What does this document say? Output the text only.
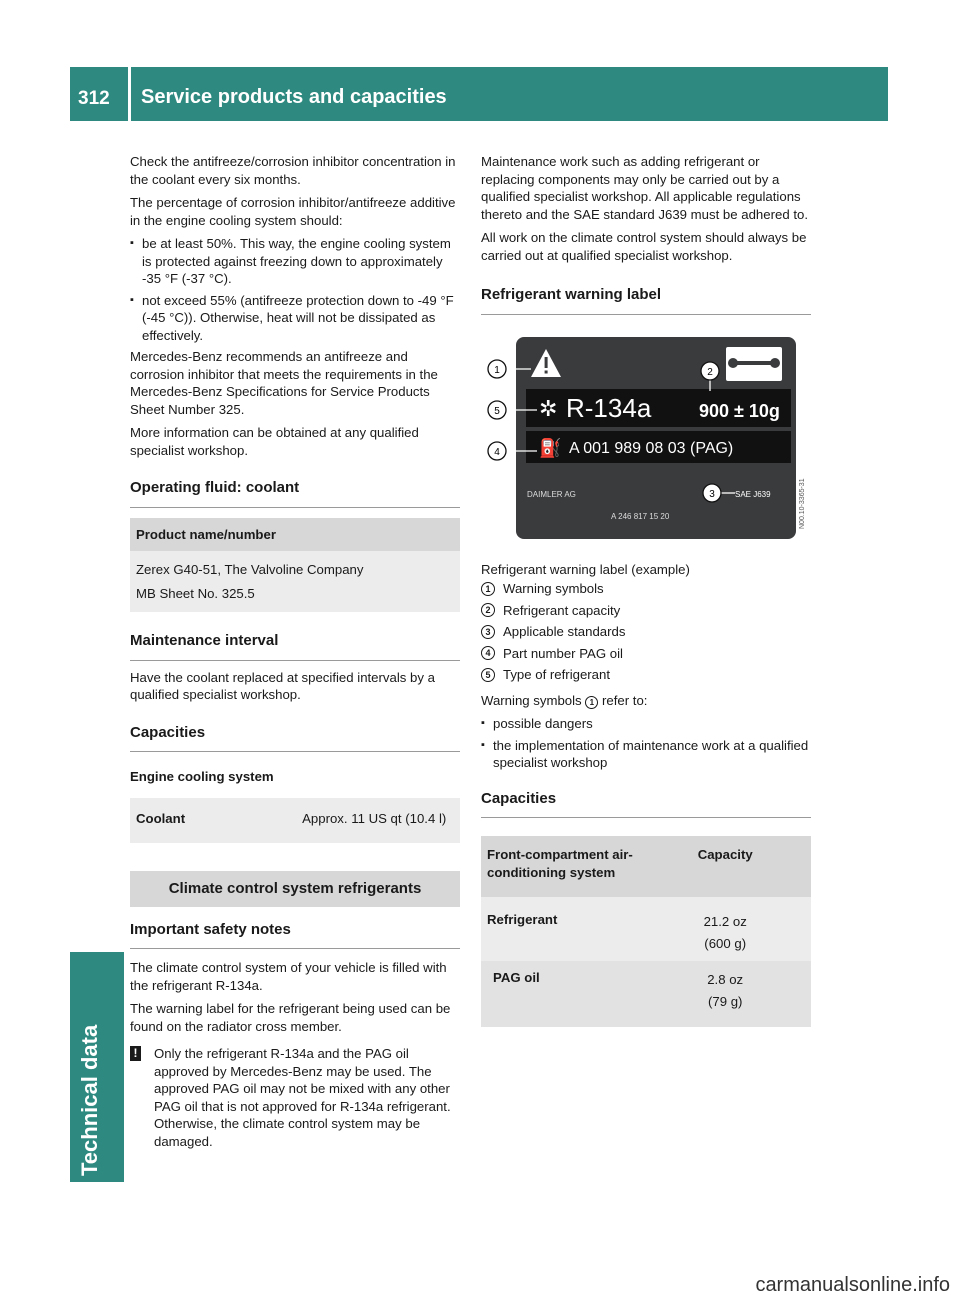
312 Service products and capacities
Technical data

Check the antifreeze/corrosion inhibitor concentration in the coolant every six months.

The percentage of corrosion inhibitor/antifreeze additive in the engine cooling system should:

▪ be at least 50%. This way, the engine cooling system is protected against freezing down to approximately -35 °F (-37 °C).
▪ not exceed 55% (antifreeze protection down to -49 °F (-45 °C)). Otherwise, heat will not be dissipated as effectively.

Mercedes-Benz recommends an antifreeze and corrosion inhibitor that meets the requirements in the Mercedes-Benz Specifications for Service Products Sheet Number 325.

More information can be obtained at any qualified specialist workshop.

Operating fluid: coolant
Product name/number
Zerex G40-51, The Valvoline Company
MB Sheet No. 325.5
Maintenance interval

Have the coolant replaced at specified intervals by a qualified specialist workshop.

Capacities
Engine cooling system
Coolant	Approx. 11 US qt (10.4 l)
Climate control system refrigerants
Important safety notes

The climate control system of your vehicle is filled with the refrigerant R-134a.

The warning label for the refrigerant being used can be found on the radiator cross member.

! Only the refrigerant R-134a and the PAG oil approved by Mercedes-Benz may be used. The approved PAG oil may not be mixed with any other PAG oil that is not approved for R-134a refrigerant. Otherwise, the climate control system may be damaged.

Maintenance work such as adding refrigerant or replacing components may only be carried out by a qualified specialist workshop. All applicable regulations thereto and the SAE standard J639 must be adhered to.

All work on the climate control system should always be carried out at qualified specialist workshop.

Refrigerant warning label
✲ R-134a	900 ± 10g
⛽ A 001 989 08 03 (PAG)
DAIMLER AG	SAE J639
A 246 817 15 20	N00.10-3365-31
1	2
3
4
5

Refrigerant warning label (example)

1 Warning symbols
2 Refrigerant capacity
3 Applicable standards
4 Part number PAG oil
5 Type of refrigerant

Warning symbols 1 refer to:

▪ possible dangers
▪ the implementation of maintenance work at a qualified specialist workshop
Capacities
Front-compartment air-conditioning system	Capacity
Refrigerant	21.2 oz
(600 g)

PAG oil	2.8 oz
(79 g)
carmanualsonline.info
